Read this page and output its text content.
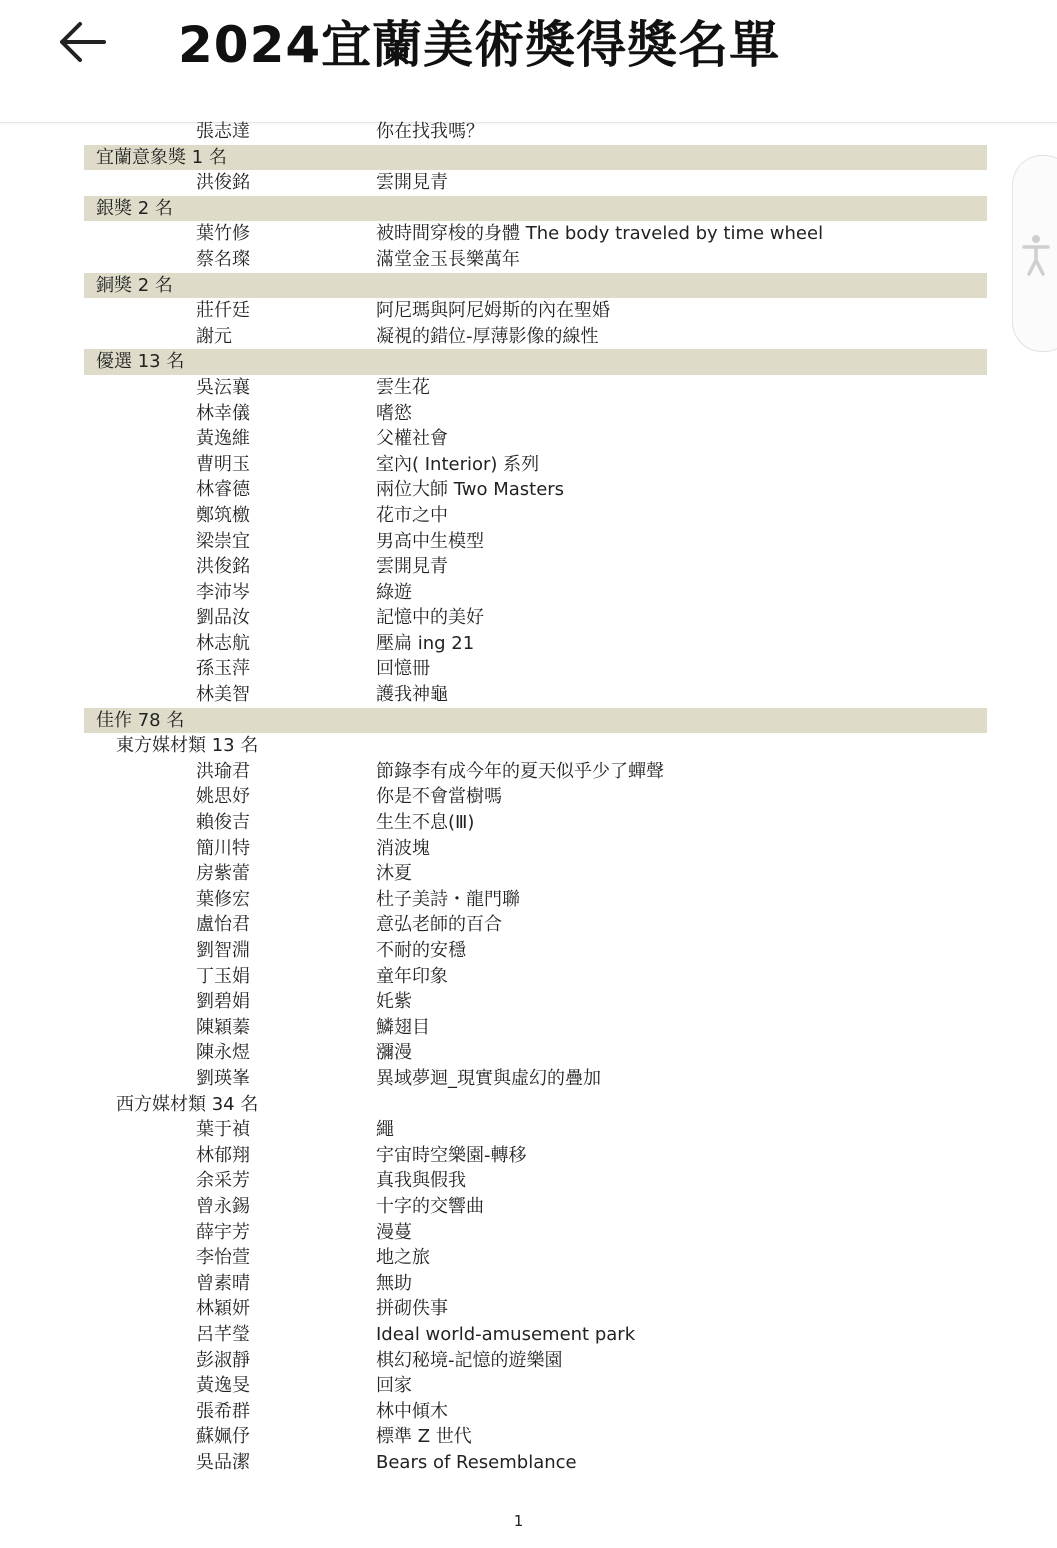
2024宜蘭美術獎得獎名單
張志達	你在找我嗎？
宜蘭意象獎 1 名
洪俊銘	雲開見青
銀獎 2 名
葉竹修	被時間穿梭的身體 The body traveled by time wheel
蔡名璨	滿堂金玉長樂萬年
銅獎 2 名
莊仟廷	阿尼瑪與阿尼姆斯的內在聖婚
謝元	凝視的錯位-厚薄影像的線性
優選 13 名
吳沄襄	雲生花
林幸儀	嗜慾
黃逸維	父權社會
曹明玉	室內( Interior) 系列
林睿德	兩位大師 Two Masters
鄭筑檄	花市之中
梁崇宜	男高中生模型
洪俊銘	雲開見青
李沛岑	綠遊
劉品汝	記憶中的美好
林志航	壓扁 ing 21
孫玉萍	回憶冊
林美智	護我神龜
佳作 78 名
東方媒材類 13 名
洪瑜君	節錄李有成今年的夏天似乎少了蟬聲
姚思妤	你是不會當樹嗎
賴俊吉	生生不息(Ⅲ)
簡川特	消波塊
房紫蕾	沐夏
葉修宏	杜子美詩・龍門聯
盧怡君	意弘老師的百合
劉智淵	不耐的安穩
丁玉娟	童年印象
劉碧娟	奼紫
陳穎蓁	鱗翅目
陳永煜	瀰漫
劉瑛峯	異域夢迴_現實與虛幻的疊加
西方媒材類 34 名
葉于禎	繩
林郁翔	宇宙時空樂園-轉移
余采芳	真我與假我
曾永錫	十字的交響曲
薛宇芳	漫蔓
李怡萱	地之旅
曾素晴	無助
林穎妍	拼砌佚事
呂芊瑩	Ideal world-amusement park
彭淑靜	棋幻秘境-記憶的遊樂園
黃逸旻	回家
張希群	林中傾木
蘇姵伃	標準 Z 世代
吳品潔	Bears of Resemblance
1
